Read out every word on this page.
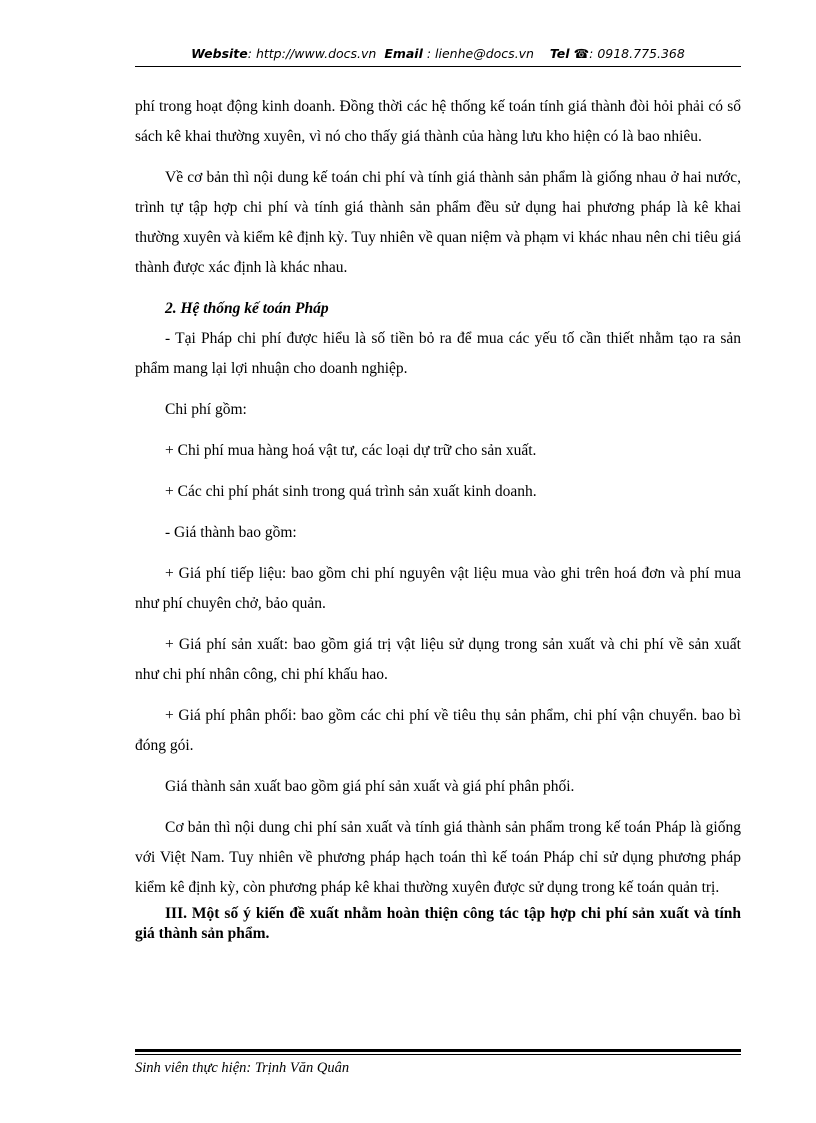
Website: http://www.docs.vn Email : lienhe@docs.vn Tel ☎: 0918.775.368

phí trong hoạt động kinh doanh. Đồng thời các hệ thống kế toán tính giá thành đòi hỏi phải có sổ sách kê khai thường xuyên, vì nó cho thấy giá thành của hàng lưu kho hiện có là bao nhiêu.

Về cơ bản thì nội dung kế toán chi phí và tính giá thành sản phẩm là giống nhau ở hai nước, trình tự tập hợp chi phí và tính giá thành sản phẩm đều sử dụng hai phương pháp là kê khai thường xuyên và kiểm kê định kỳ. Tuy nhiên về quan niệm và phạm vi khác nhau nên chi tiêu giá thành được xác định là khác nhau.

2. Hệ thống kế toán Pháp

- Tại Pháp chi phí được hiểu là số tiền bỏ ra để mua các yếu tố cần thiết nhằm tạo ra sản phẩm mang lại lợi nhuận cho doanh nghiệp.

Chi phí gồm:

+ Chi phí mua hàng hoá vật tư, các loại dự trữ cho sản xuất.

+ Các chi phí phát sinh trong quá trình sản xuất kinh doanh.

- Giá thành bao gồm:

+ Giá phí tiếp liệu: bao gồm chi phí nguyên vật liệu mua vào ghi trên hoá đơn và phí mua như phí chuyên chở, bảo quản.

+ Giá phí sản xuất: bao gồm giá trị vật liệu sử dụng trong sản xuất và chi phí về sản xuất như chi phí nhân công, chi phí khấu hao.

+ Giá phí phân phối: bao gồm các chi phí về tiêu thụ sản phẩm, chi phí vận chuyển. bao bì đóng gói.

Giá thành sản xuất bao gồm giá phí sản xuất và giá phí phân phối.

Cơ bản thì nội dung chi phí sản xuất và tính giá thành sản phẩm trong kế toán Pháp là giống với Việt Nam. Tuy nhiên về phương pháp hạch toán thì kế toán Pháp chỉ sử dụng phương pháp kiểm kê định kỳ, còn phương pháp kê khai thường xuyên được sử dụng trong kế toán quản trị.

III. Một số ý kiến đề xuất nhằm hoàn thiện công tác tập hợp chi phí sản xuất và tính giá thành sản phẩm.

Sinh viên thực hiện: Trịnh Văn Quân
